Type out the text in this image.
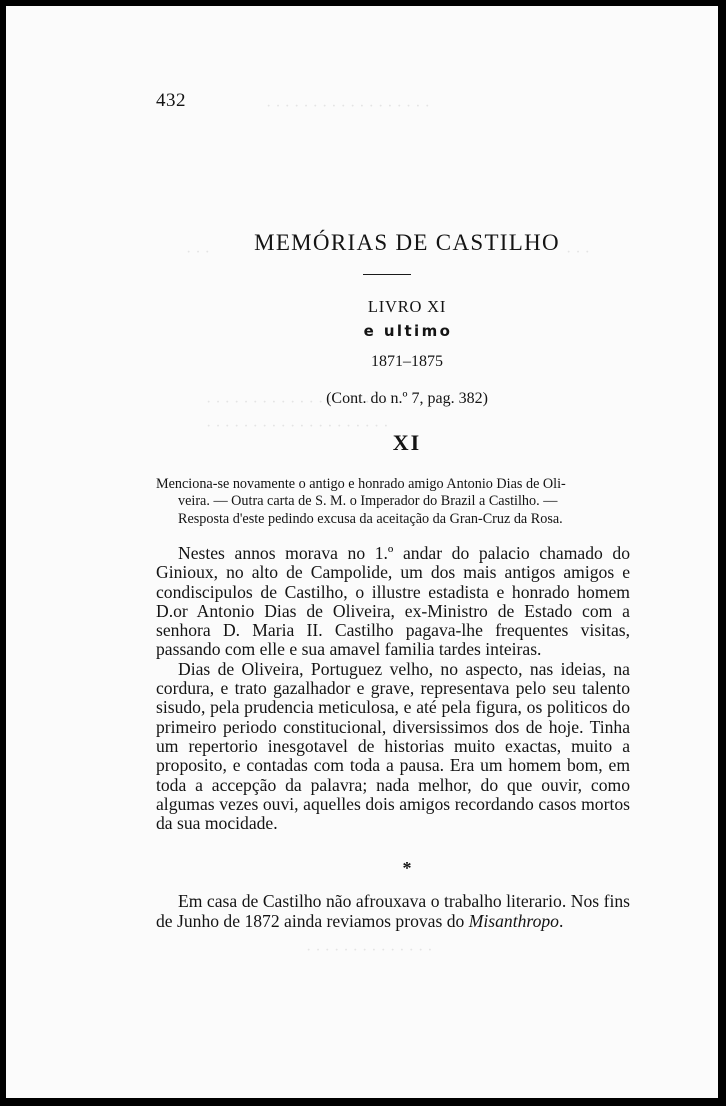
· · · · · · · · · · · · · · · · · ·
· · ·	· · ·
· · · · · · · · · · · · · · · · · · · ·
· · · · · · · · · · · · · · · · · · · ·
· · · · · · · · · · · · · ·
432
MEMÓRIAS DE CASTILHO
LIVRO XI
e ultimo
1871–1875
(Cont. do n.º 7, pag. 382)
XI
Menciona-se novamente o antigo e honrado amigo Antonio Dias de Oli-
veira. — Outra carta de S. M. o Imperador do Brazil a Castilho. —
Resposta d'este pedindo excusa da aceitação da Gran-Cruz da Rosa.

Nestes annos morava no 1.º andar do palacio chamado do Ginioux, no alto de Campolide, um dos mais antigos amigos e condiscipulos de Castilho, o illustre estadista e honrado homem D.or Antonio Dias de Oliveira, ex-Ministro de Estado com a senhora D. Maria II. Castilho pagava-lhe frequentes visitas, passando com elle e sua amavel familia tardes inteiras.

Dias de Oliveira, Portuguez velho, no aspecto, nas ideias, na cordura, e trato gazalhador e grave, representava pelo seu talento sisudo, pela prudencia meticulosa, e até pela figura, os politicos do primeiro periodo constitucional, diversissimos dos de hoje. Tinha um repertorio inesgotavel de historias muito exactas, muito a proposito, e contadas com toda a pausa. Era um homem bom, em toda a accepção da palavra; nada melhor, do que ouvir, como algumas vezes ouvi, aquelles dois amigos recordando casos mortos da sua mocidade.

*

Em casa de Castilho não afrouxava o trabalho literario. Nos fins de Junho de 1872 ainda reviamos provas do Misanthropo.
